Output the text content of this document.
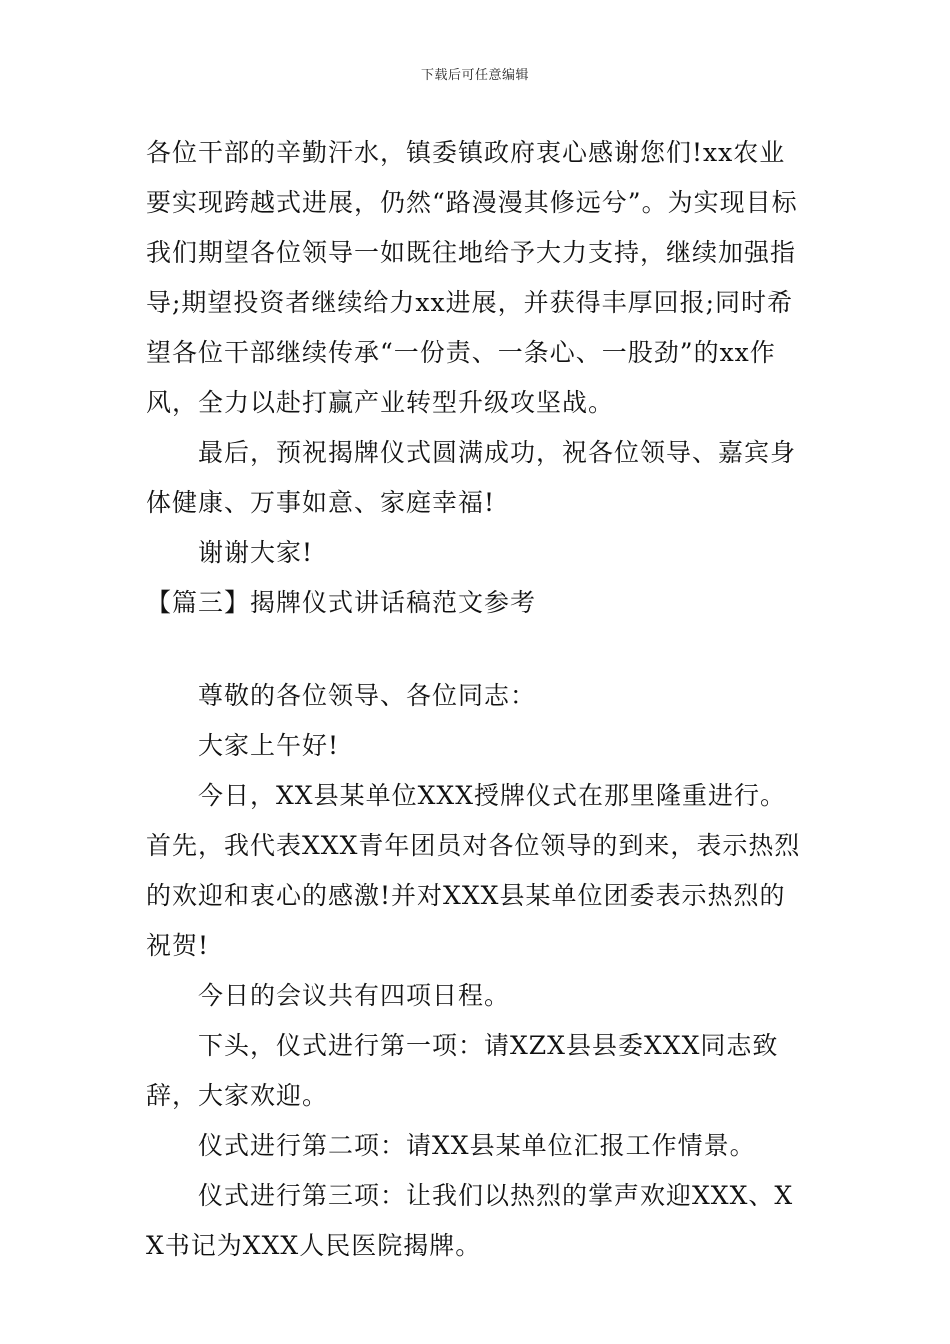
下载后可任意编辑

各位干部的辛勤汗水，镇委镇政府衷心感谢您们!xx农业要实现跨越式进展，仍然“路漫漫其修远兮”。为实现目标我们期望各位领导一如既往地给予大力支持，继续加强指导;期望投资者继续给力xx进展，并获得丰厚回报;同时希望各位干部继续传承“一份责、一条心、一股劲”的xx作风，全力以赴打赢产业转型升级攻坚战。

最后，预祝揭牌仪式圆满成功，祝各位领导、嘉宾身体健康、万事如意、家庭幸福!

谢谢大家!

【篇三】揭牌仪式讲话稿范文参考

尊敬的各位领导、各位同志：

大家上午好!

今日，XX县某单位XXX授牌仪式在那里隆重进行。首先，我代表XXX青年团员对各位领导的到来，表示热烈的欢迎和衷心的感激!并对XXX县某单位团委表示热烈的祝贺!

今日的会议共有四项日程。

下头，仪式进行第一项：请XZX县县委XXX同志致辞，大家欢迎。

仪式进行第二项：请XX县某单位汇报工作情景。

仪式进行第三项：让我们以热烈的掌声欢迎XXX、XX书记为XXX人民医院揭牌。
